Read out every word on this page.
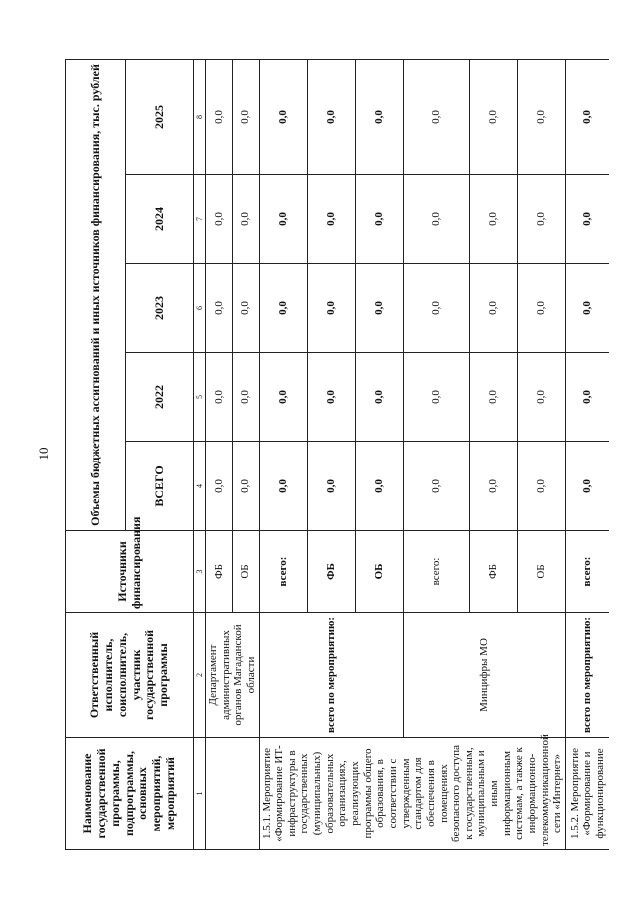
10
Наименование государственной программы, подпрограммы, основных мероприятий, мероприятий	Ответственный исполнитель, соисполнитель, участник государственной программы	Источники финансирования	Объемы бюджетных ассигнований и иных источников финансирования, тыс. рублей				
			ВСЕГО	2022	2023	2024	2025
1	2	3	4	5	6	7	8
	Департамент административных органов Магаданской области	ФБ	0,0	0,0	0,0	0,0	0,0
		ОБ	0,0	0,0	0,0	0,0	0,0
1.5.1. Мероприятие «Формирование ИТ-инфраструктуры в государственных (муниципальных) образовательных организациях, реализующих программы общего образования, в соответствии с утвержденным стандартом для обеспечения в помещениях безопасного доступа к государственным, муниципальным и иным информационным системам, а также к информационно-телекоммуникационной сети «Интернет»	всего по мероприятию:	всего:	0,0	0,0	0,0	0,0	0,0
		ФБ	0,0	0,0	0,0	0,0	0,0
		ОБ	0,0	0,0	0,0	0,0	0,0
	Минцифры МО	всего:	0,0	0,0	0,0	0,0	0,0
		ФБ	0,0	0,0	0,0	0,0	0,0
		ОБ	0,0	0,0	0,0	0,0	0,0
1.5.2. Мероприятие «Формирование и функционирование	всего по мероприятию:	всего:	0,0	0,0	0,0	0,0	0,0
